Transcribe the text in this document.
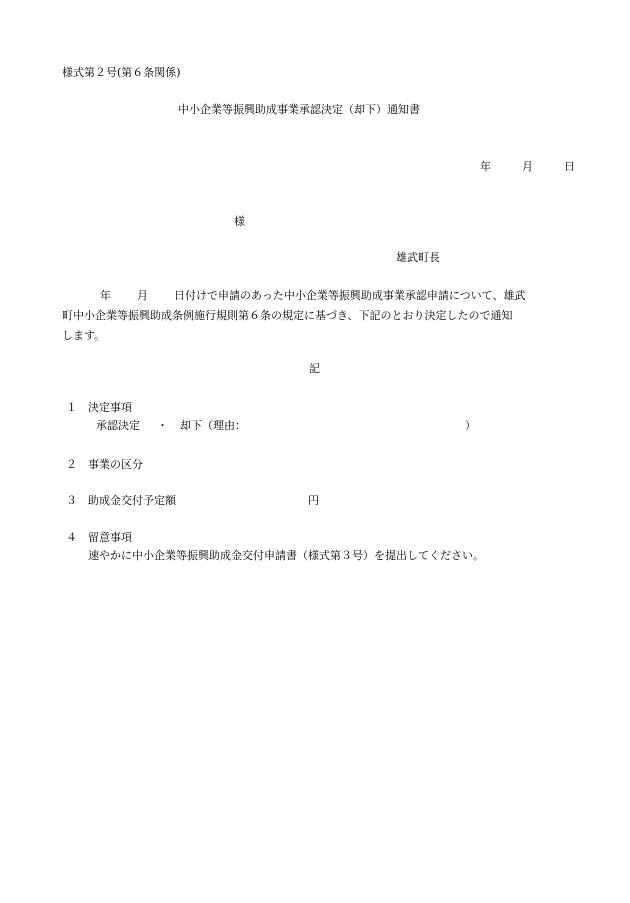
様式第２号(第６条関係)
中小企業等振興助成事業承認決定（却下）通知書
年	月	日
様
雄武町長
年 月 日付けで申請のあった中小企業等振興助成事業承認申請について、雄武
町中小企業等振興助成条例施行規則第６条の規定に基づき、下記のとおり決定したので通知
します。
記
１ 決定事項
承認決定 ・ 却下（理由：	）
２ 事業の区分
３ 助成金交付予定額	円
４ 留意事項
速やかに中小企業等振興助成金交付申請書（様式第３号）を提出してください。
